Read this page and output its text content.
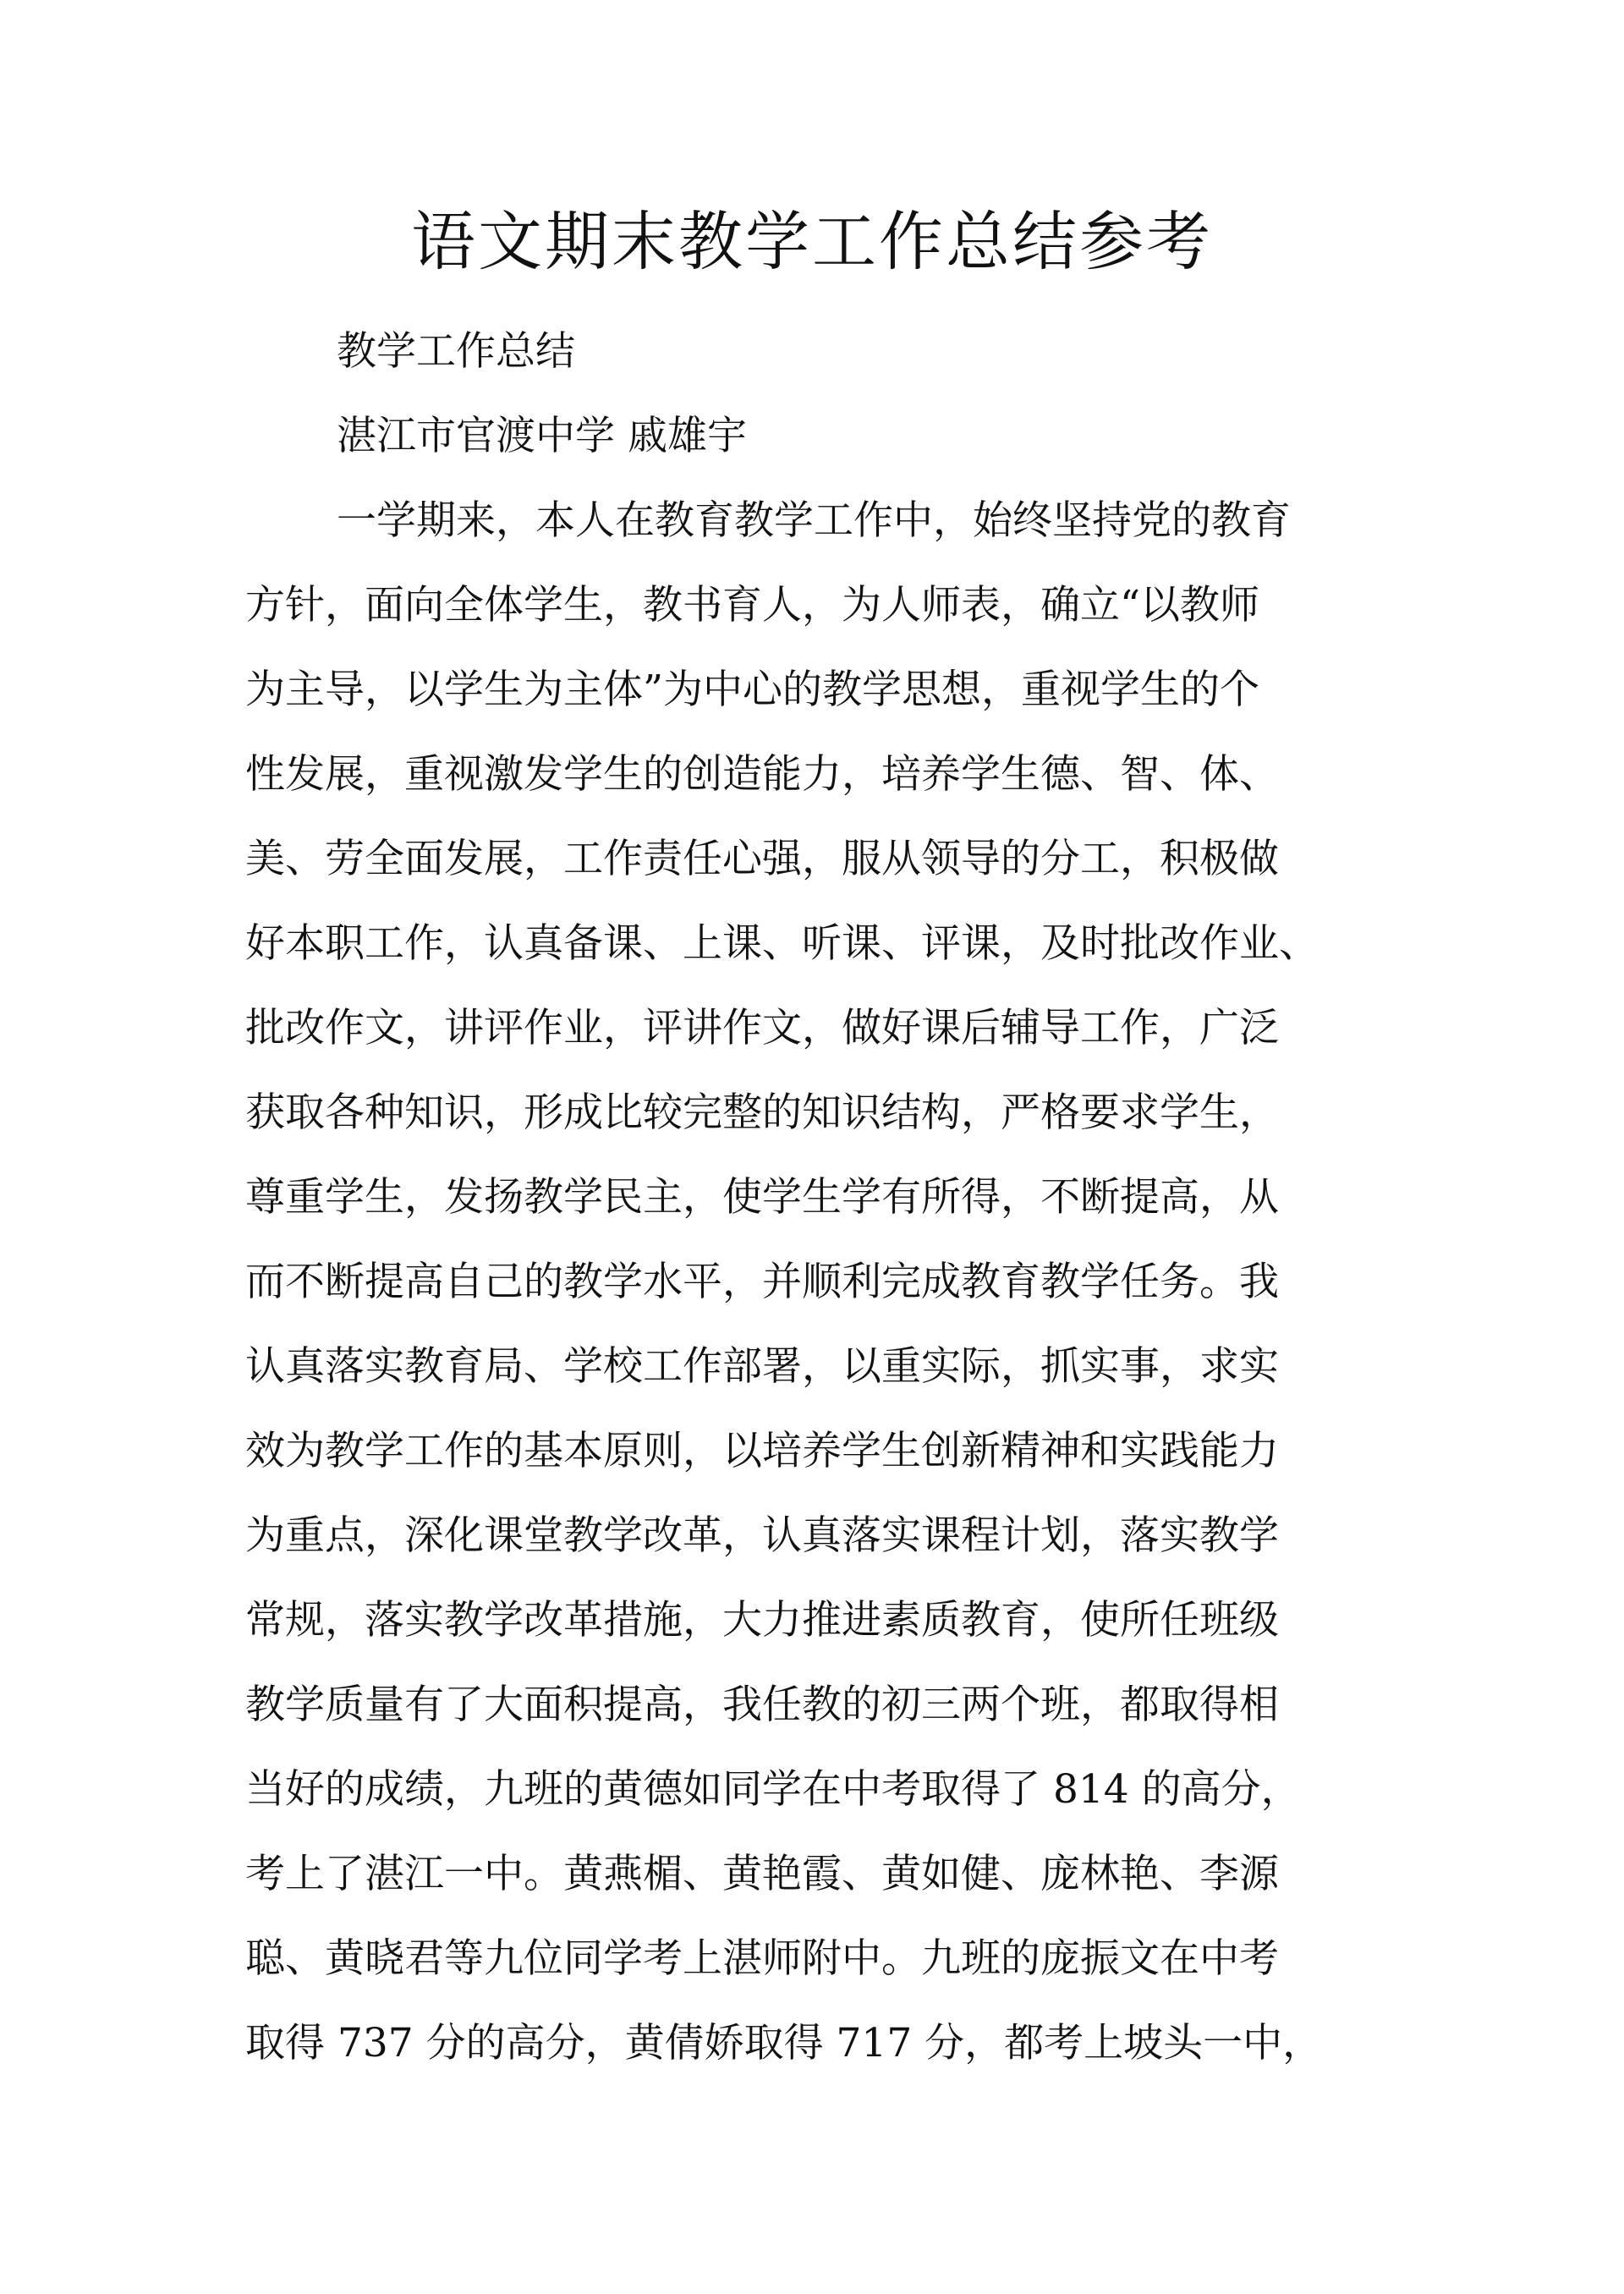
语文期末教学工作总结参考
教学工作总结
湛江市官渡中学 戚雄宇
一学期来，本人在教育教学工作中，始终坚持党的教育
方针，面向全体学生，教书育人，为人师表，确立“以教师
为主导，以学生为主体”为中心的教学思想，重视学生的个
性发展，重视激发学生的创造能力，培养学生德、智、体、
美、劳全面发展，工作责任心强，服从领导的分工，积极做
好本职工作，认真备课、上课、听课、评课，及时批改作业、
批改作文，讲评作业，评讲作文，做好课后辅导工作，广泛
获取各种知识，形成比较完整的知识结构，严格要求学生，
尊重学生，发扬教学民主，使学生学有所得，不断提高，从
而不断提高自己的教学水平，并顺利完成教育教学任务。我
认真落实教育局、学校工作部署，以重实际，抓实事，求实
效为教学工作的基本原则，以培养学生创新精神和实践能力
为重点，深化课堂教学改革，认真落实课程计划，落实教学
常规，落实教学改革措施，大力推进素质教育，使所任班级
教学质量有了大面积提高，我任教的初三两个班，都取得相
当好的成绩，九班的黄德如同学在中考取得了 814 的高分，
考上了湛江一中。黄燕楣、黄艳霞、黄如健、庞林艳、李源
聪、黄晓君等九位同学考上湛师附中。九班的庞振文在中考
取得 737 分的高分，黄倩娇取得 717 分，都考上坡头一中，
